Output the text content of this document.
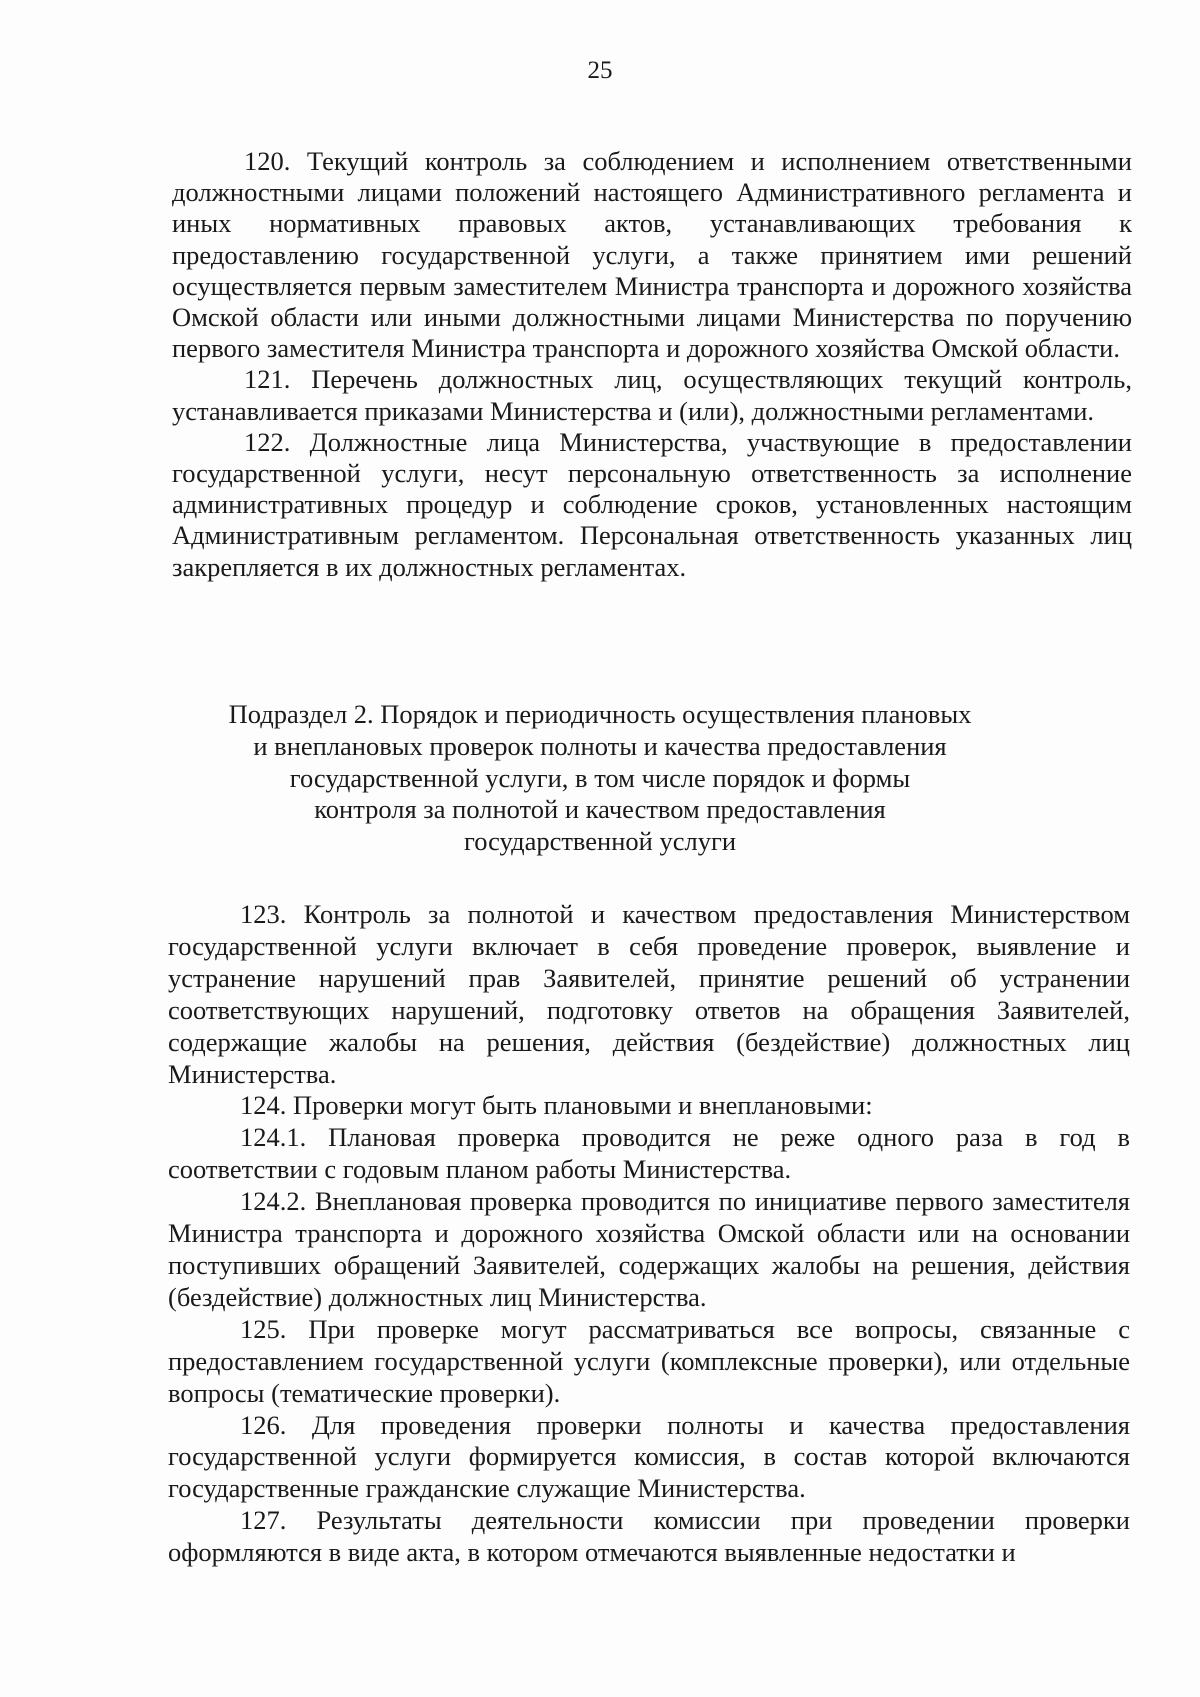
25

120. Текущий контроль за соблюдением и исполнением ответственными должностными лицами положений настоящего Административного регламента и иных нормативных правовых актов, устанавливающих требования к предоставлению государственной услуги, а также принятием ими решений осуществляется первым заместителем Министра транспорта и дорожного хозяйства Омской области или иными должностными лицами Министерства по поручению первого заместителя Министра транспорта и дорожного хозяйства Омской области.

121. Перечень должностных лиц, осуществляющих текущий контроль, устанавливается приказами Министерства и (или), должностными регламентами.

122. Должностные лица Министерства, участвующие в предоставлении государственной услуги, несут персональную ответственность за исполнение административных процедур и соблюдение сроков, установленных настоящим Административным регламентом. Персональная ответственность указанных лиц закрепляется в их должностных регламентах.

Подраздел 2. Порядок и периодичность осуществления плановых
и внеплановых проверок полноты и качества предоставления
государственной услуги, в том числе порядок и формы
контроля за полнотой и качеством предоставления
государственной услуги

123. Контроль за полнотой и качеством предоставления Министерством государственной услуги включает в себя проведение проверок, выявление и устранение нарушений прав Заявителей, принятие решений об устранении соответствующих нарушений, подготовку ответов на обращения Заявителей, содержащие жалобы на решения, действия (бездействие) должностных лиц Министерства.

124. Проверки могут быть плановыми и внеплановыми:

124.1. Плановая проверка проводится не реже одного раза в год в соответствии с годовым планом работы Министерства.

124.2. Внеплановая проверка проводится по инициативе первого заместителя Министра транспорта и дорожного хозяйства Омской области или на основании поступивших обращений Заявителей, содержащих жалобы на решения, действия (бездействие) должностных лиц Министерства.

125. При проверке могут рассматриваться все вопросы, связанные с предоставлением государственной услуги (комплексные проверки), или отдельные вопросы (тематические проверки).

126. Для проведения проверки полноты и качества предоставления государственной услуги формируется комиссия, в состав которой включаются государственные гражданские служащие Министерства.

127. Результаты деятельности комиссии при проведении проверки оформляются в виде акта, в котором отмечаются выявленные недостатки и
